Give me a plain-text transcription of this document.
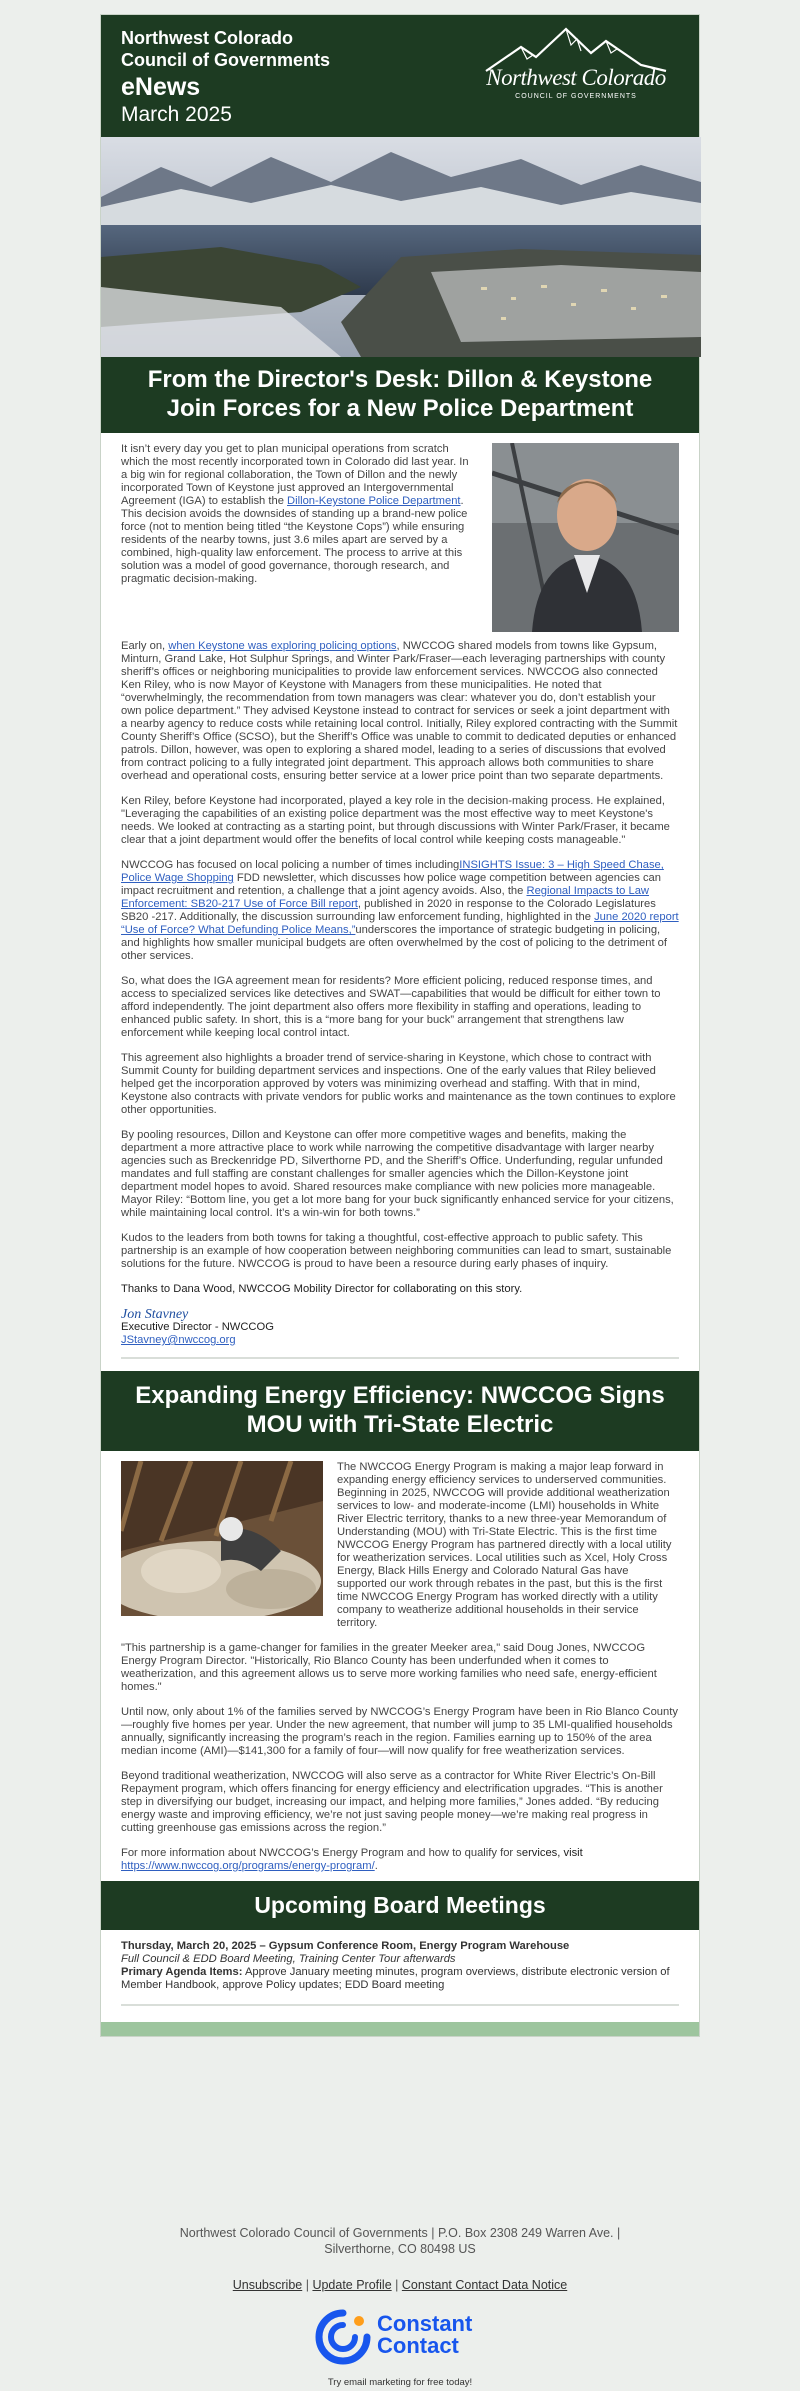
Northwest Colorado
Council of Governments
eNews
March 2025
Northwest Colorado
COUNCIL OF GOVERNMENTS
From the Director's Desk: Dillon & Keystone Join Forces for a New Police Department

It isn’t every day you get to plan municipal operations from scratch which the most recently incorporated town in Colorado did last year. In a big win for regional collaboration, the Town of Dillon and the newly incorporated Town of Keystone just approved an Intergovernmental Agreement (IGA) to establish the Dillon-Keystone Police Department. This decision avoids the downsides of standing up a brand-new police force (not to mention being titled “the Keystone Cops”) while ensuring residents of the nearby towns, just 3.6 miles apart are served by a combined, high-quality law enforcement. The process to arrive at this solution was a model of good governance, thorough research, and pragmatic decision-making.

Early on, when Keystone was exploring policing options, NWCCOG shared models from towns like Gypsum, Minturn, Grand Lake, Hot Sulphur Springs, and Winter Park/Fraser—each leveraging partnerships with county sheriff’s offices or neighboring municipalities to provide law enforcement services. NWCCOG also connected Ken Riley, who is now Mayor of Keystone with Managers from these municipalities. He noted that “overwhelmingly, the recommendation from town managers was clear: whatever you do, don’t establish your own police department.” They advised Keystone instead to contract for services or seek a joint department with a nearby agency to reduce costs while retaining local control. Initially, Riley explored contracting with the Summit County Sheriff’s Office (SCSO), but the Sheriff’s Office was unable to commit to dedicated deputies or enhanced patrols. Dillon, however, was open to exploring a shared model, leading to a series of discussions that evolved from contract policing to a fully integrated joint department. This approach allows both communities to share overhead and operational costs, ensuring better service at a lower price point than two separate departments.

Ken Riley, before Keystone had incorporated, played a key role in the decision-making process. He explained, "Leveraging the capabilities of an existing police department was the most effective way to meet Keystone's needs. We looked at contracting as a starting point, but through discussions with Winter Park/Fraser, it became clear that a joint department would offer the benefits of local control while keeping costs manageable."

NWCCOG has focused on local policing a number of times includingINSIGHTS Issue: 3 – High Speed Chase, Police Wage Shopping FDD newsletter, which discusses how police wage competition between agencies can impact recruitment and retention, a challenge that a joint agency avoids. Also, the Regional Impacts to Law Enforcement: SB20-217 Use of Force Bill report, published in 2020 in response to the Colorado Legislatures SB20 -217. Additionally, the discussion surrounding law enforcement funding, highlighted in the June 2020 report “Use of Force? What Defunding Police Means,”underscores the importance of strategic budgeting in policing, and highlights how smaller municipal budgets are often overwhelmed by the cost of policing to the detriment of other services.

So, what does the IGA agreement mean for residents? More efficient policing, reduced response times, and access to specialized services like detectives and SWAT—capabilities that would be difficult for either town to afford independently. The joint department also offers more flexibility in staffing and operations, leading to enhanced public safety. In short, this is a “more bang for your buck” arrangement that strengthens law enforcement while keeping local control intact.

This agreement also highlights a broader trend of service-sharing in Keystone, which chose to contract with Summit County for building department services and inspections. One of the early values that Riley believed helped get the incorporation approved by voters was minimizing overhead and staffing. With that in mind, Keystone also contracts with private vendors for public works and maintenance as the town continues to explore other opportunities.

By pooling resources, Dillon and Keystone can offer more competitive wages and benefits, making the department a more attractive place to work while narrowing the competitive disadvantage with larger nearby agencies such as Breckenridge PD, Silverthorne PD, and the Sheriff’s Office. Underfunding, regular unfunded mandates and full staffing are constant challenges for smaller agencies which the Dillon-Keystone joint department model hopes to avoid. Shared resources make compliance with new policies more manageable. Mayor Riley: “Bottom line, you get a lot more bang for your buck significantly enhanced service for your citizens, while maintaining local control. It’s a win-win for both towns.”

Kudos to the leaders from both towns for taking a thoughtful, cost-effective approach to public safety. This partnership is an example of how cooperation between neighboring communities can lead to smart, sustainable solutions for the future. NWCCOG is proud to have been a resource during early phases of inquiry.

Thanks to Dana Wood, NWCCOG Mobility Director for collaborating on this story.

Jon Stavney
Executive Director - NWCCOG
JStavney@nwccog.org
Expanding Energy Efficiency: NWCCOG Signs MOU with Tri-State Electric

The NWCCOG Energy Program is making a major leap forward in expanding energy efficiency services to underserved communities. Beginning in 2025, NWCCOG will provide additional weatherization services to low- and moderate-income (LMI) households in White River Electric territory, thanks to a new three-year Memorandum of Understanding (MOU) with Tri-State Electric. This is the first time NWCCOG Energy Program has partnered directly with a local utility for weatherization services. Local utilities such as Xcel, Holy Cross Energy, Black Hills Energy and Colorado Natural Gas have supported our work through rebates in the past, but this is the first time NWCCOG Energy Program has worked directly with a utility company to weatherize additional households in their service territory.

"This partnership is a game-changer for families in the greater Meeker area," said Doug Jones, NWCCOG Energy Program Director. "Historically, Rio Blanco County has been underfunded when it comes to weatherization, and this agreement allows us to serve more working families who need safe, energy-efficient homes."

Until now, only about 1% of the families served by NWCCOG’s Energy Program have been in Rio Blanco County—roughly five homes per year. Under the new agreement, that number will jump to 35 LMI-qualified households annually, significantly increasing the program’s reach in the region. Families earning up to 150% of the area median income (AMI)—$141,300 for a family of four—will now qualify for free weatherization services.

Beyond traditional weatherization, NWCCOG will also serve as a contractor for White River Electric’s On-Bill Repayment program, which offers financing for energy efficiency and electrification upgrades. “This is another step in diversifying our budget, increasing our impact, and helping more families,” Jones added. “By reducing energy waste and improving efficiency, we’re not just saving people money—we’re making real progress in cutting greenhouse gas emissions across the region.”

For more information about NWCCOG’s Energy Program and how to qualify for services, visit
https://www.nwccog.org/programs/energy-program/.

Upcoming Board Meetings
Thursday, March 20, 2025 – Gypsum Conference Room, Energy Program Warehouse
Full Council & EDD Board Meeting, Training Center Tour afterwards
Primary Agenda Items: Approve January meeting minutes, program overviews, distribute electronic version of Member Handbook, approve Policy updates; EDD Board meeting
Northwest Colorado Council of Governments | P.O. Box 2308 249 Warren Ave. |
Silverthorne, CO 80498 US
Unsubscribe | Update Profile | Constant Contact Data Notice
Constant
Contact
Try email marketing for free today!
